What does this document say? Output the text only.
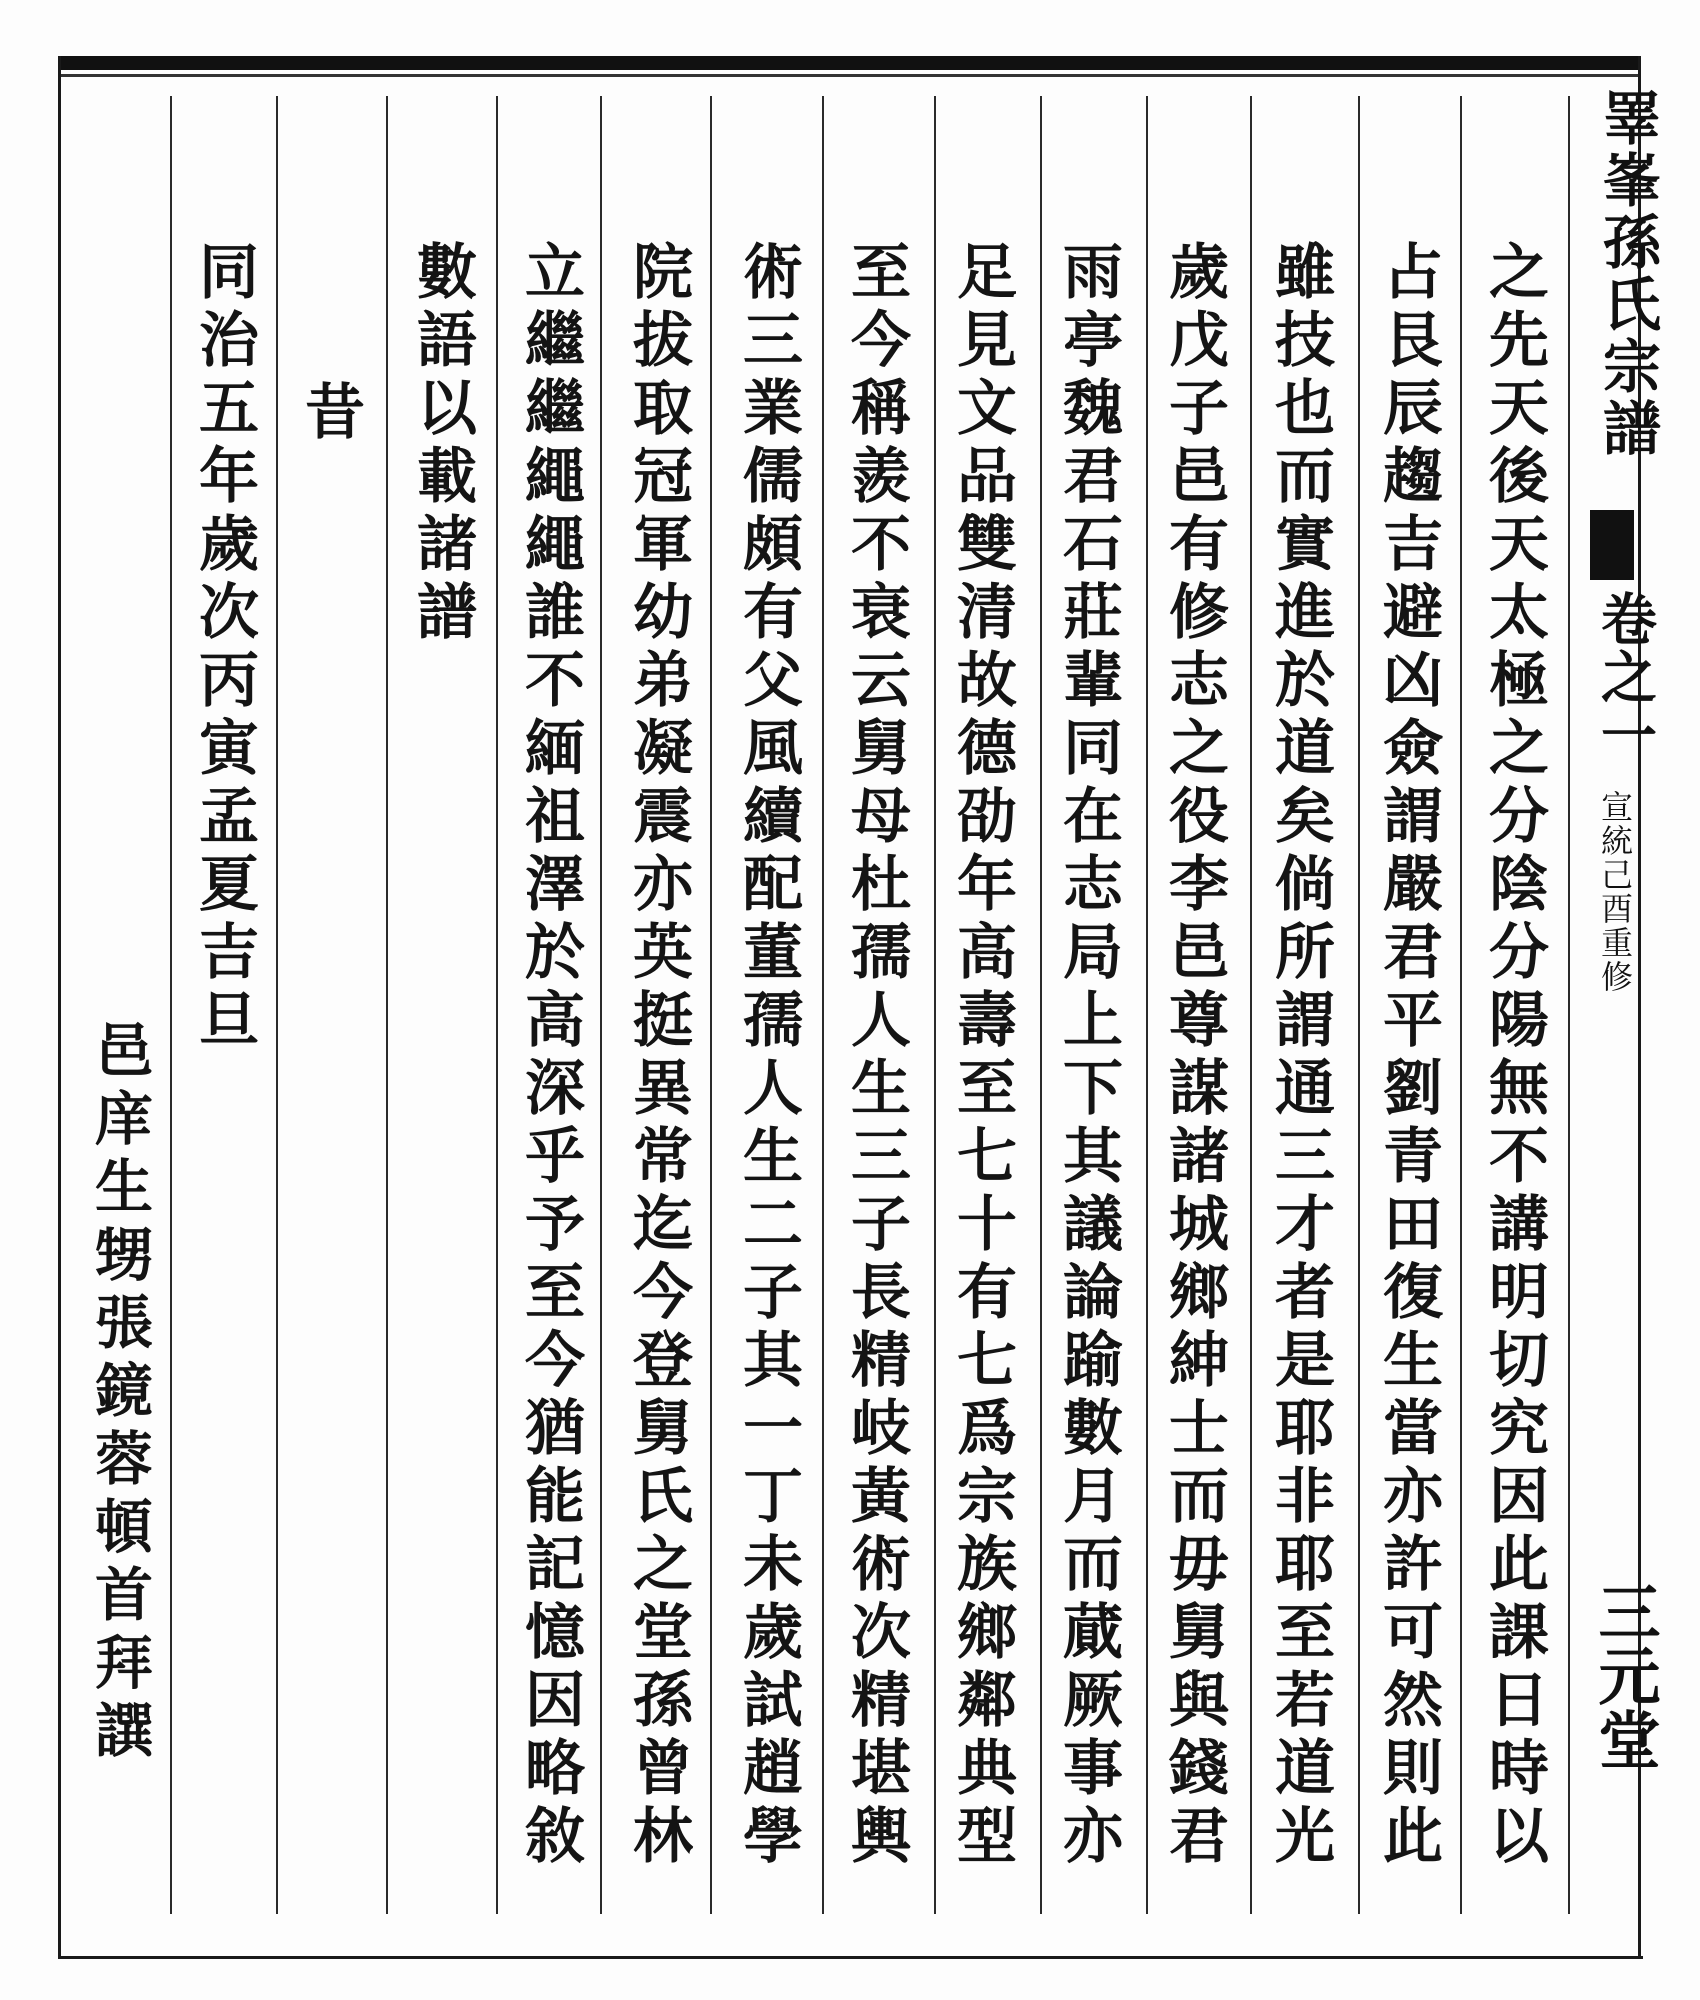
睪峯孫氏宗譜
卷之一
宣統己酉重修
三元堂
之先天後天太極之分陰分陽無不講明切究因此課日時以
占艮辰趨吉避凶僉謂嚴君平劉青田復生當亦許可然則此
雖技也而實進於道矣倘所謂通三才者是耶非耶至若道光
歲戊子邑有修志之役李邑尊謀諸城鄉紳士而毋舅與錢君
雨亭魏君石莊輩同在志局上下其議論踰數月而蕆厥事亦
足見文品雙清故德劭年高壽至七十有七爲宗族鄉鄰典型
至今稱羨不衰云舅母杜孺人生三子長精岐黃術次精堪輿
術三業儒頗有父風續配董孺人生二子其一丁未歲試趙學
院拔取冠軍幼弟凝震亦英挺異常迄今登舅氏之堂孫曾林
立繼繼繩繩誰不緬祖澤於高深乎予至今猶能記憶因略敘
數語以載諸譜
昔
同治五年歲次丙寅孟夏吉旦
邑庠生甥張鏡蓉頓首拜譔
